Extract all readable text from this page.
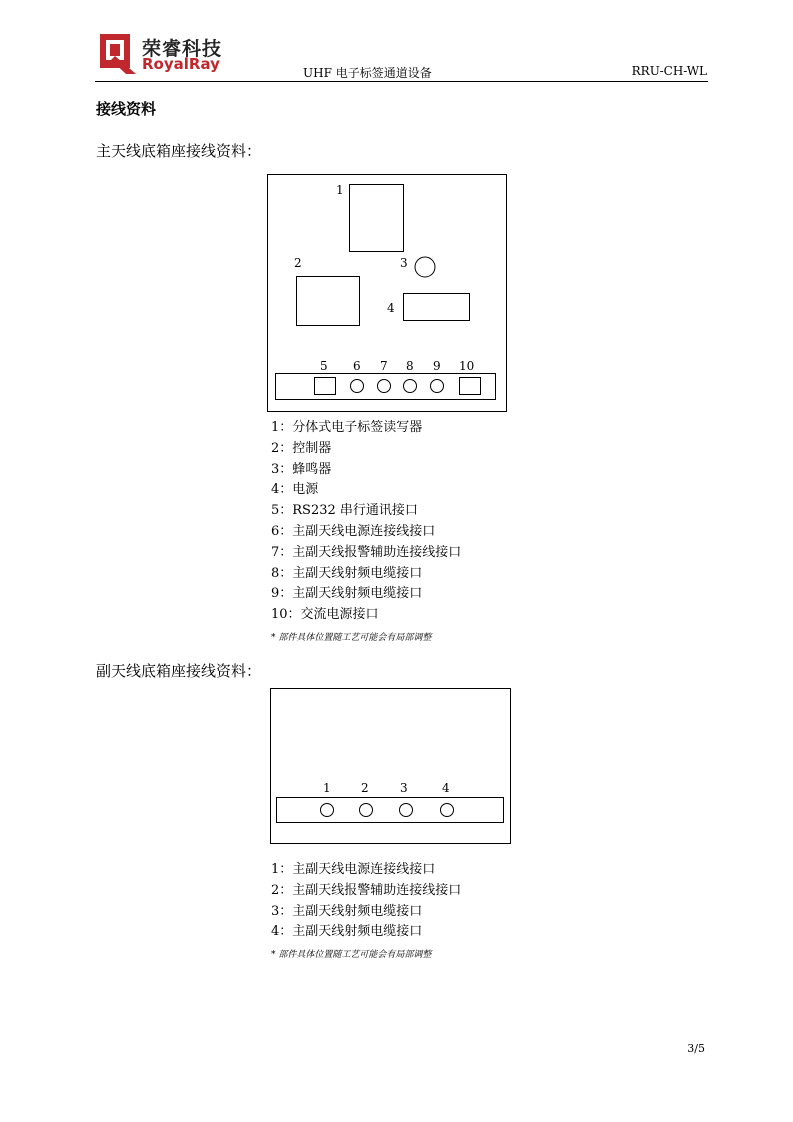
荣睿科技
RoyalRay	UHF 电子标签通道设备	RRU-CH-WL
接线资料
主天线底箱座接线资料：
1
2	3
4
5 6 7 8 9 10
1：分体式电子标签读写器
2：控制器
3：蜂鸣器
4：电源
5：RS232 串行通讯接口
6：主副天线电源连接线接口
7：主副天线报警辅助连接线接口
8：主副天线射频电缆接口
9：主副天线射频电缆接口
10：交流电源接口
* 部件具体位置随工艺可能会有局部调整
副天线底箱座接线资料：
1	2	3	4
1：主副天线电源连接线接口
2：主副天线报警辅助连接线接口
3：主副天线射频电缆接口
4：主副天线射频电缆接口
* 部件具体位置随工艺可能会有局部调整
3/5
